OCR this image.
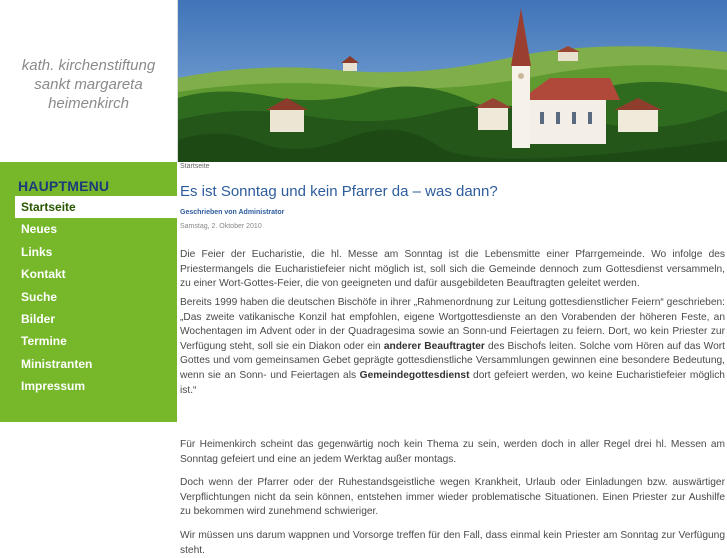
kath. kirchenstiftung
sankt margareta
heimenkirch
HAUPTMENU
Startseite
Neues
Links
Kontakt
Suche
Bilder
Termine
Ministranten
Impressum
Startseite
Es ist Sonntag und kein Pfarrer da – was dann?
Geschrieben von Administrator
Samstag, 2. Oktober 2010

Die Feier der Eucharistie, die hl. Messe am Sonntag ist die Lebensmitte einer Pfarrgemeinde. Wo infolge des Priestermangels die Eucharistiefeier nicht möglich ist, soll sich die Gemeinde dennoch zum Gottesdienst versammeln, zu einer Wort-Gottes-Feier, die von geeigneten und dafür ausgebildeten Beauftragten geleitet werden.

Bereits 1999 haben die deutschen Bischöfe in ihrer „Rahmenordnung zur Leitung gottesdienstlicher Feiern“ geschrieben: „Das zweite vatikanische Konzil hat empfohlen, eigene Wortgottesdienste an den Vorabenden der höheren Feste, an Wochentagen im Advent oder in der Quadragesima sowie an Sonn-und Feiertagen zu feiern. Dort, wo kein Priester zur Verfügung steht, soll sie ein Diakon oder ein anderer Beauftragter des Bischofs leiten. Solche vom Hören auf das Wort Gottes und vom gemeinsamen Gebet geprägte gottesdienstliche Versammlungen gewinnen eine besondere Bedeutung, wenn sie an Sonn- und Feiertagen als Gemeindegottesdienst dort gefeiert werden, wo keine Eucharistiefeier möglich ist.“

Für Heimenkirch scheint das gegenwärtig noch kein Thema zu sein, werden doch in aller Regel drei hl. Messen am Sonntag gefeiert und eine an jedem Werktag außer montags.

Doch wenn der Pfarrer oder der Ruhestandsgeistliche wegen Krankheit, Urlaub oder Einladungen bzw. auswärtiger Verpflichtungen nicht da sein können, entstehen immer wieder problematische Situationen. Einen Priester zur Aushilfe zu bekommen wird zunehmend schwieriger.

Wir müssen uns darum wappnen und Vorsorge treffen für den Fall, dass einmal kein Priester am Sonntag zur Verfügung steht.
